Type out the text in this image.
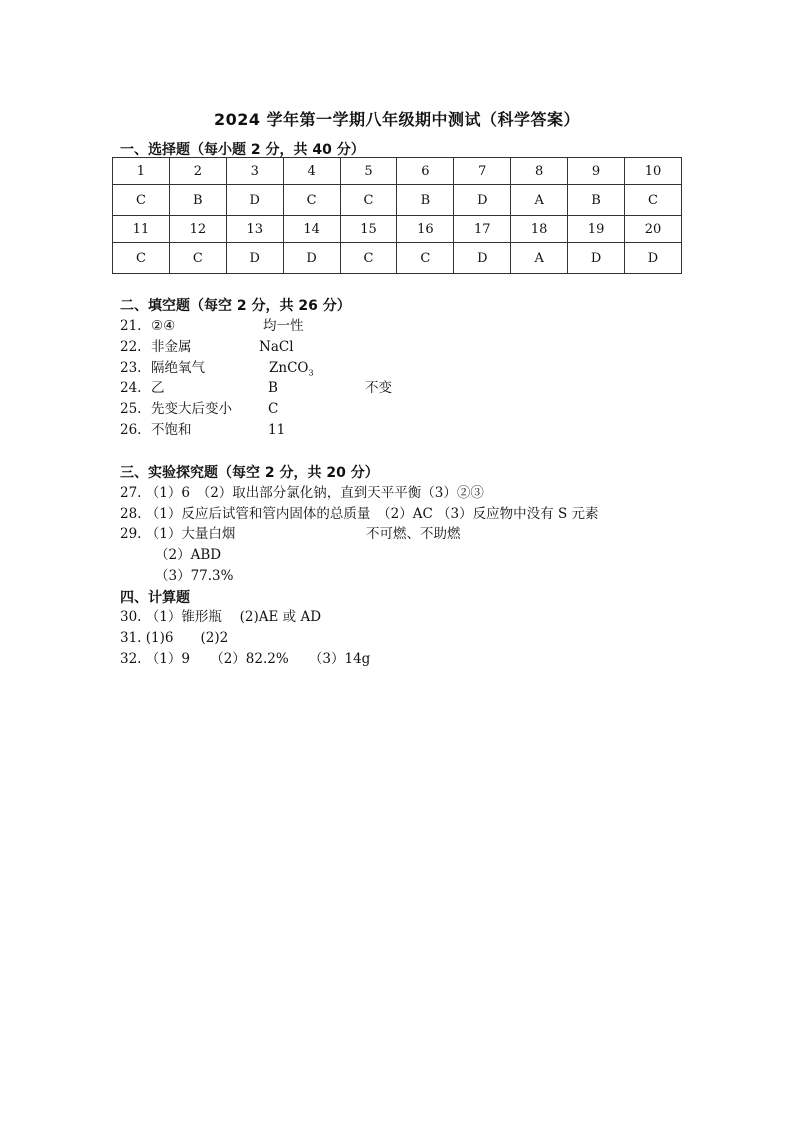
2024 学年第一学期八年级期中测试（科学答案）
一、选择题（每小题 2 分，共 40 分）
1	2	3	4	5	6	7	8	9	10
C	B	D	C	C	B	D	A	B	C
11	12	13	14	15	16	17	18	19	20
C	C	D	D	C	C	D	A	D	D
二、填空题（每空 2 分，共 26 分）
21. ②④	均一性
22. 非金属	NaCl
23. 隔绝氧气	ZnCO$_3$
24. 乙	B	不变
25. 先变大后变小	C
26. 不饱和	11
三、实验探究题（每空 2 分，共 20 分）
27. （1）6　（2）取出部分氯化钠，直到天平平衡（3）②③
28. （1）反应后试管和管内固体的总质量　（2）AC （3）反应物中没有 S 元素
29. （1）大量白烟	不可燃、不助燃
（2）ABD
（3）77.3%
四、计算题
30. （1）锥形瓶　 (2)AE 或 AD
31. (1)6　　(2)2
32. （1）9　　（2）82.2%　　（3）14g
